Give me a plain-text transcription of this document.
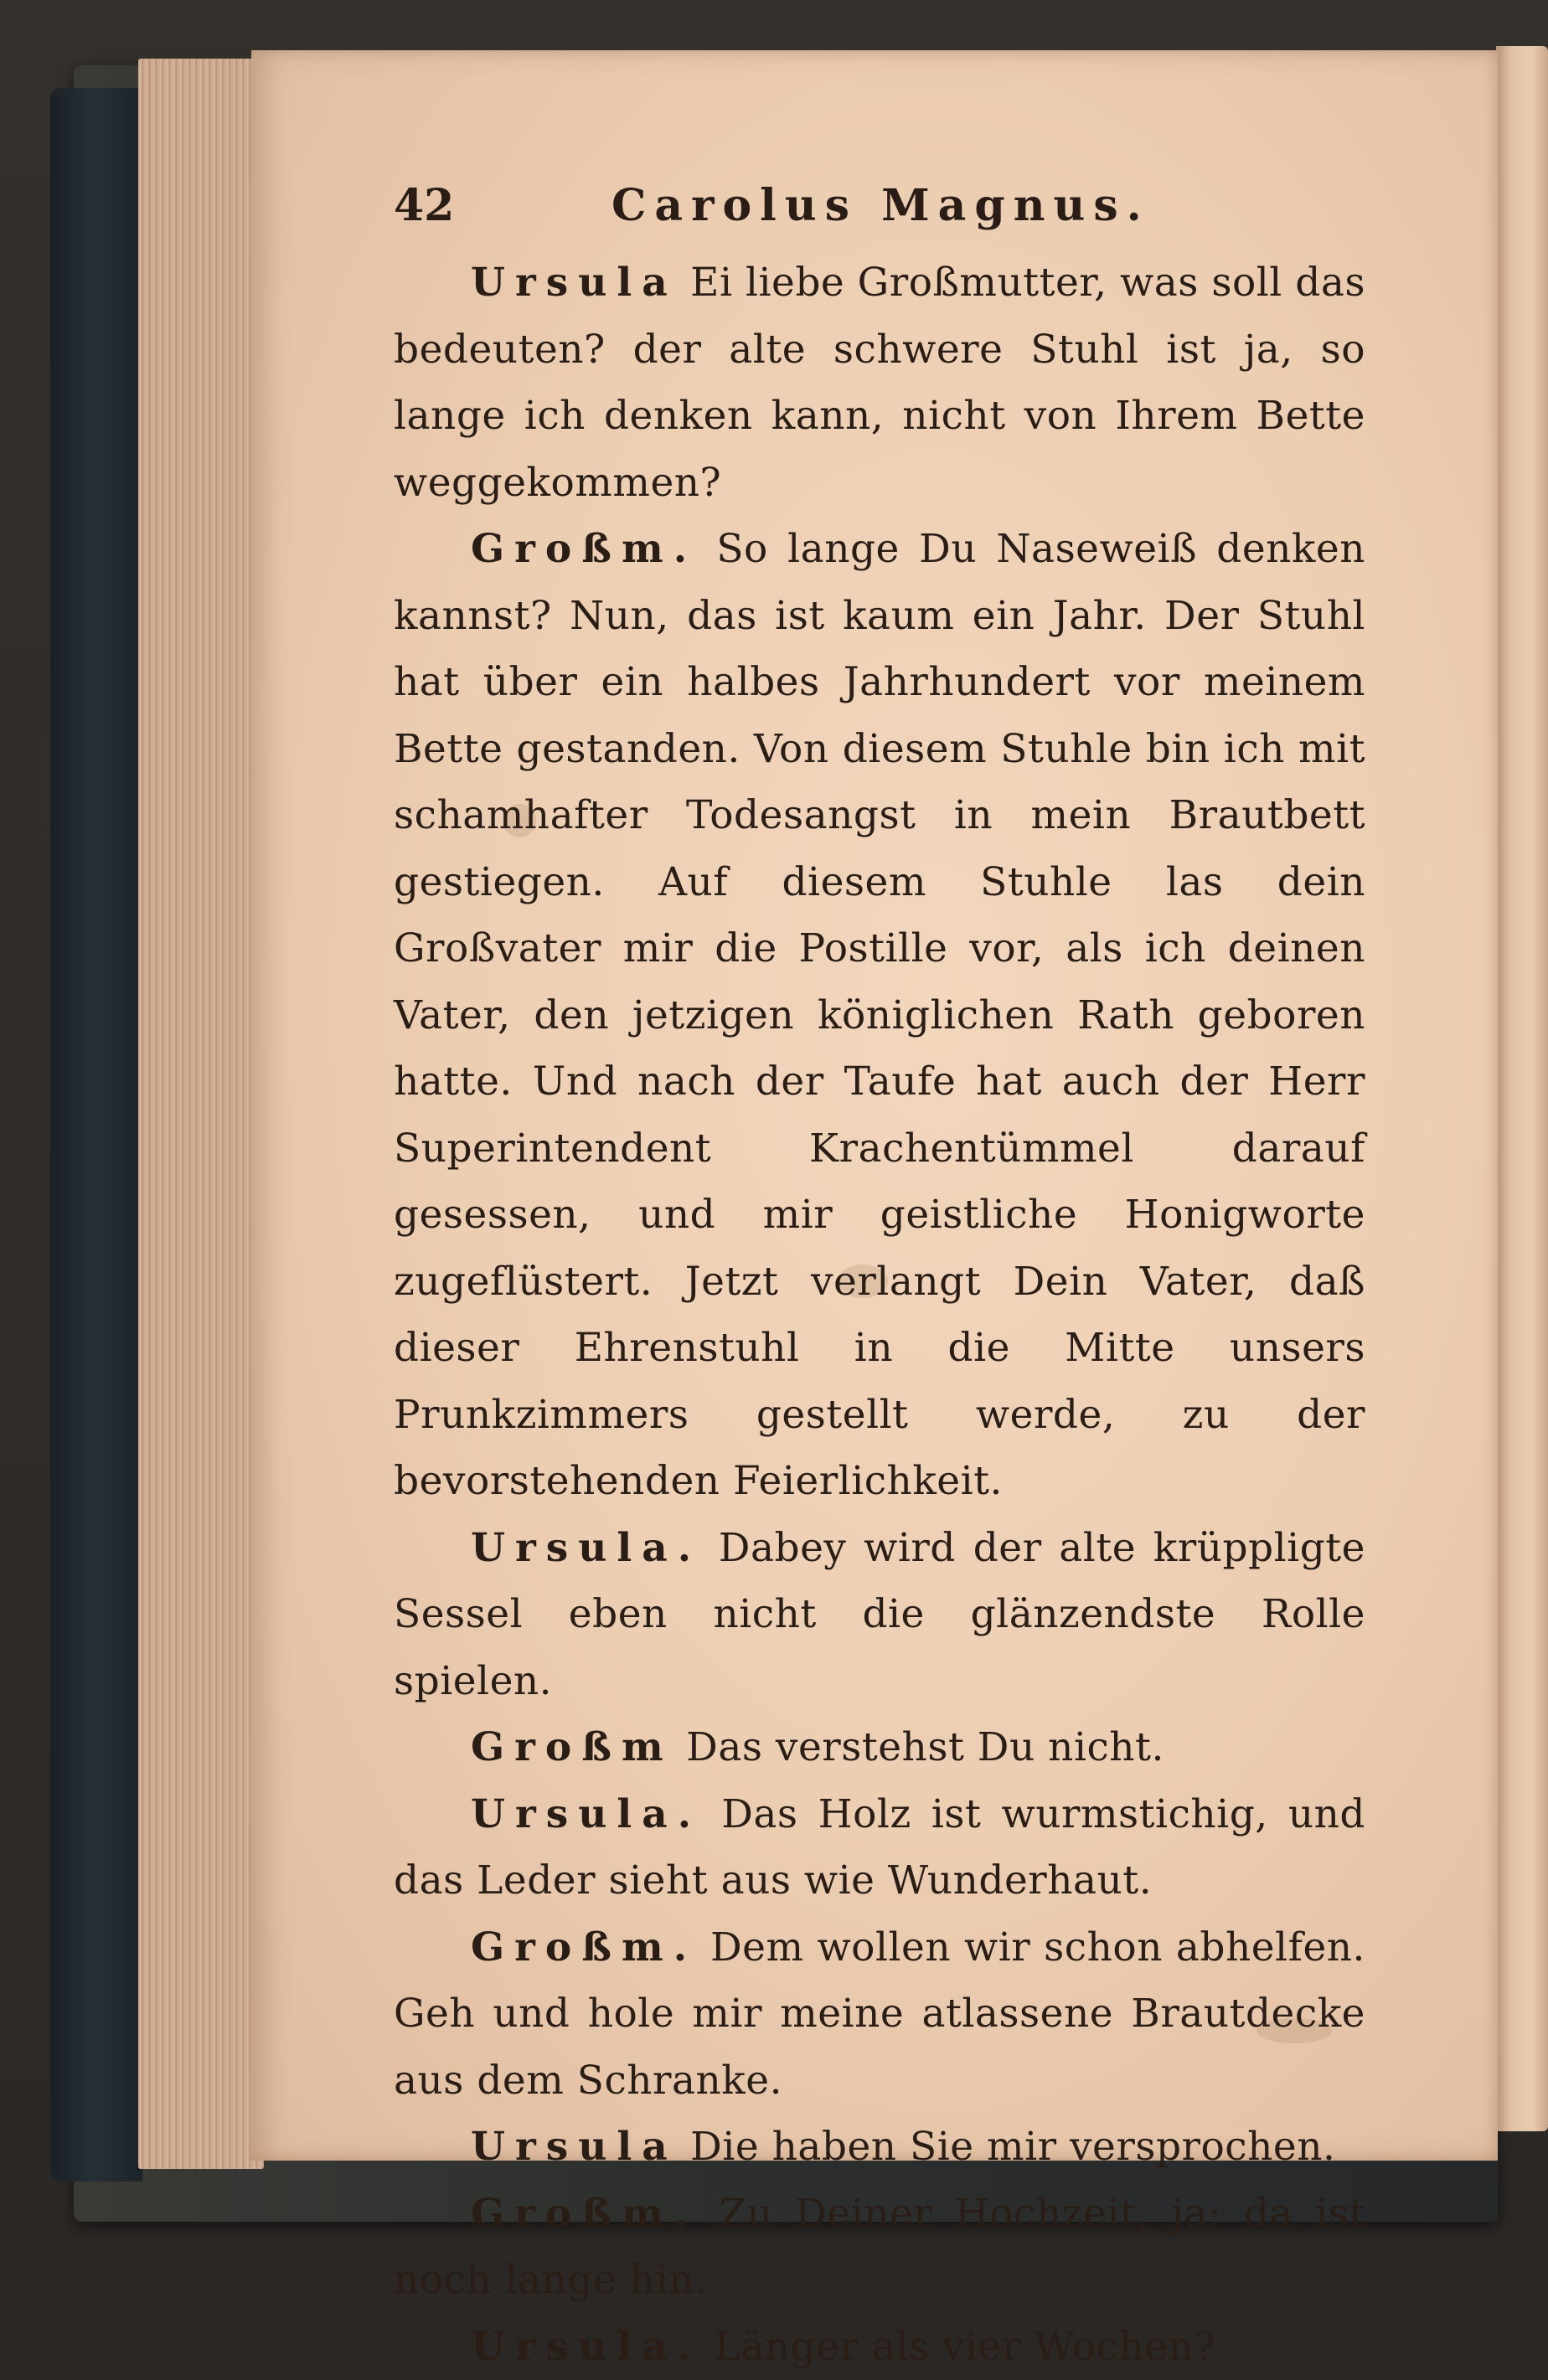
42	Carolus Magnus.

Ursula Ei liebe Großmutter, was soll das bedeuten? der alte schwere Stuhl ist ja, so lange ich denken kann, nicht von Ihrem Bette weggekommen?

Großm. So lange Du Naseweiß denken kannst? Nun, das ist kaum ein Jahr. Der Stuhl hat über ein halbes Jahrhundert vor meinem Bette gestanden. Von diesem Stuhle bin ich mit schamhafter Todesangst in mein Brautbett gestiegen. Auf diesem Stuhle las dein Großvater mir die Postille vor, als ich deinen Vater, den jetzigen königlichen Rath geboren hatte. Und nach der Taufe hat auch der Herr Superintendent Krachentümmel darauf gesessen, und mir geistliche Honigworte zugeflüstert. Jetzt verlangt Dein Vater, daß dieser Ehrenstuhl in die Mitte unsers Prunkzimmers gestellt werde, zu der bevorstehenden Feierlichkeit.

Ursula. Dabey wird der alte krüppligte Sessel eben nicht die glänzendste Rolle spielen.

Großm Das verstehst Du nicht.

Ursula. Das Holz ist wurmstichig, und das Leder sieht aus wie Wunderhaut.

Großm. Dem wollen wir schon abhelfen. Geh und hole mir meine atlassene Brautdecke aus dem Schranke.

Ursula Die haben Sie mir versprochen.

Großm. Zu Deiner Hochzeit, ja; da ist noch lange hin.

Ursula. Länger als vier Wochen?
